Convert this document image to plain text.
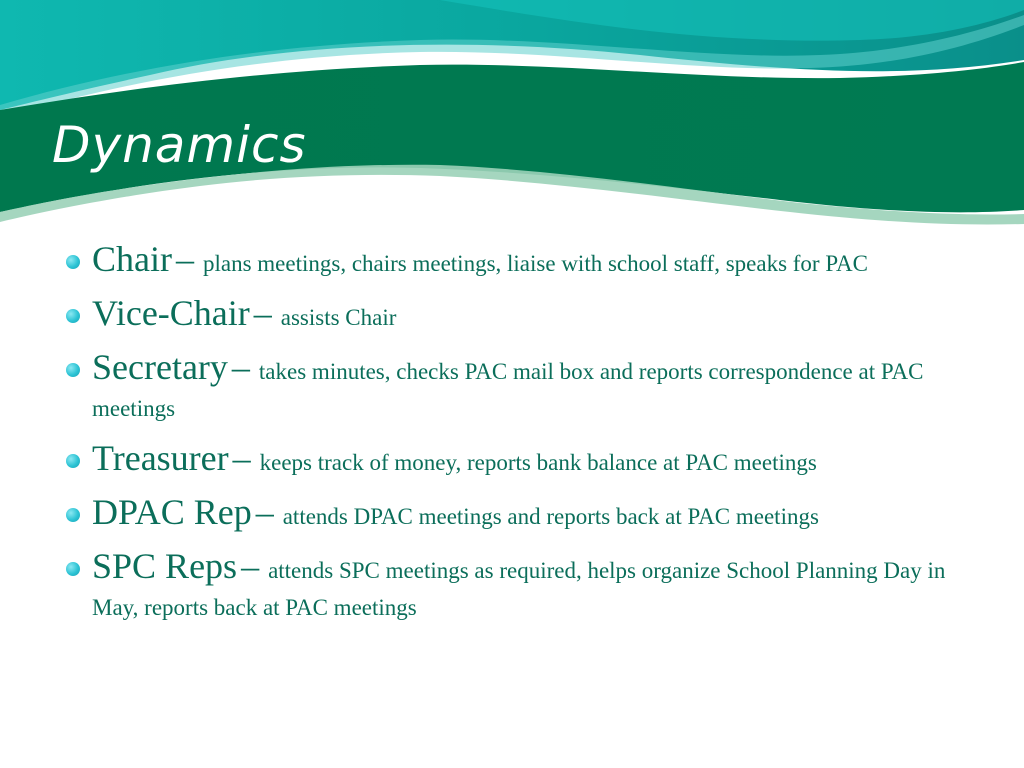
Dynamics
Chair – plans meetings, chairs meetings, liaise with school staff, speaks for PAC
Vice-Chair – assists Chair
Secretary – takes minutes, checks PAC mail box and reports correspondence at PAC meetings
Treasurer – keeps track of money, reports bank balance at PAC meetings
DPAC Rep – attends DPAC meetings and reports back at PAC meetings
SPC Reps – attends SPC meetings as required, helps organize School Planning Day in May, reports back at PAC meetings
